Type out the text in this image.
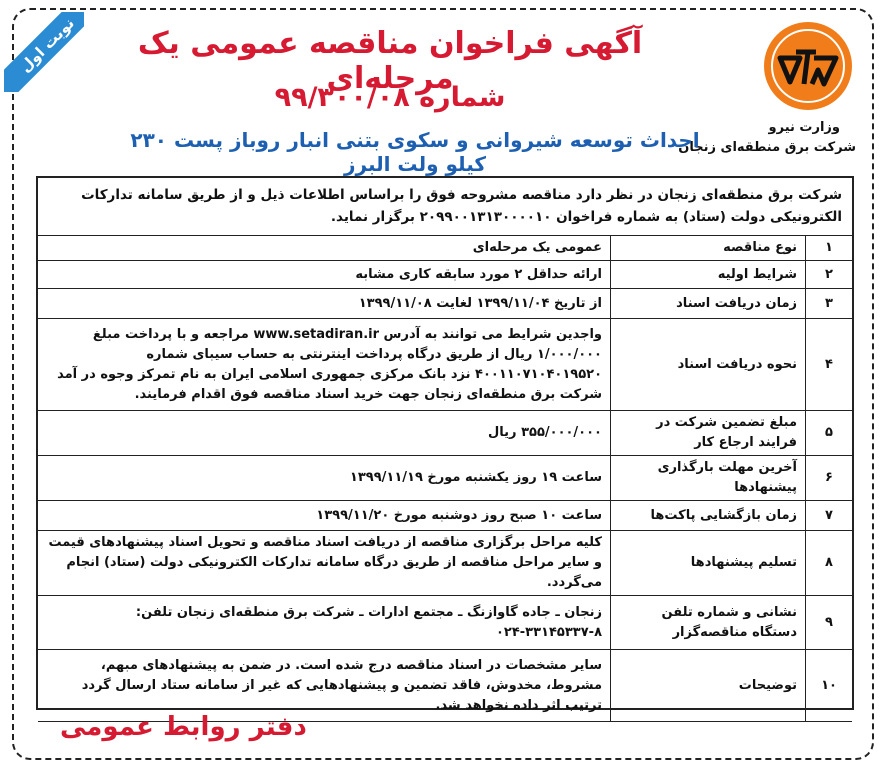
نوبت اول
وزارت نیرو
شرکت برق منطقه‌ای زنجان
آگهی فراخوان مناقصه عمومی یک مرحله‌ای
شماره ۹۹/۳۰۰/۰۸
احداث توسعه شیروانی و سکوی بتنی انبار روباز پست ۲۳۰ کیلو ولت البرز
شرکت برق منطقه‌ای زنجان در نظر دارد مناقصه مشروحه فوق را براساس اطلاعات ذیل و از طریق سامانه تدارکات الکترونیکی دولت (ستاد) به شماره فراخوان ۲۰۹۹۰۰۱۳۱۳۰۰۰۰۱۰ برگزار نماید.
۱	نوع مناقصه	عمومی یک مرحله‌ای
۲	شرایط اولیه	ارائه حداقل ۲ مورد سابقه کاری مشابه
۳	زمان دریافت اسناد	از تاریخ ۱۳۹۹/۱۱/۰۴ لغایت ۱۳۹۹/۱۱/۰۸
۴	نحوه دریافت اسناد	واجدین شرایط می توانند به آدرس www.setadiran.ir مراجعه و با پرداخت مبلغ ۱/۰۰۰/۰۰۰ ریال از طریق درگاه پرداخت اینترنتی به حساب سیبای شماره ۴۰۰۱۱۰۷۱۰۴۰۱۹۵۲۰ نزد بانک مرکزی جمهوری اسلامی ایران به نام تمرکز وجوه در آمد شرکت برق منطقه‌ای زنجان جهت خرید اسناد مناقصه فوق اقدام فرمایند.
۵	مبلغ تضمین شرکت در فرایند ارجاع کار	۳۵۵/۰۰۰/۰۰۰ ریال
۶	آخرین مهلت بارگذاری پیشنهادها	ساعت ۱۹ روز یکشنبه مورخ ۱۳۹۹/۱۱/۱۹
۷	زمان بازگشایی پاکت‌ها	ساعت ۱۰ صبح روز دوشنبه مورخ ۱۳۹۹/۱۱/۲۰
۸	تسلیم پیشنهادها	کلیه مراحل برگزاری مناقصه از دریافت اسناد مناقصه و تحویل اسناد پیشنهادهای قیمت و سایر مراحل مناقصه از طریق درگاه سامانه تدارکات الکترونیکی دولت (ستاد) انجام می‌گردد.
۹	نشانی و شماره تلفن دستگاه مناقصه‌گزار	زنجان ـ جاده گاوازنگ ـ مجتمع ادارات ـ شرکت برق منطقه‌ای زنجان تلفن: ۸-۳۳۱۴۵۳۳۷-۰۲۴
۱۰	توضیحات	سایر مشخصات در اسناد مناقصه درج شده است. در ضمن به پیشنهادهای مبهم، مشروط، مخدوش، فاقد تضمین و پیشنهادهایی که غیر از سامانه ستاد ارسال گردد ترتیب اثر داده نخواهد شد.
دفتر روابط عمومی
